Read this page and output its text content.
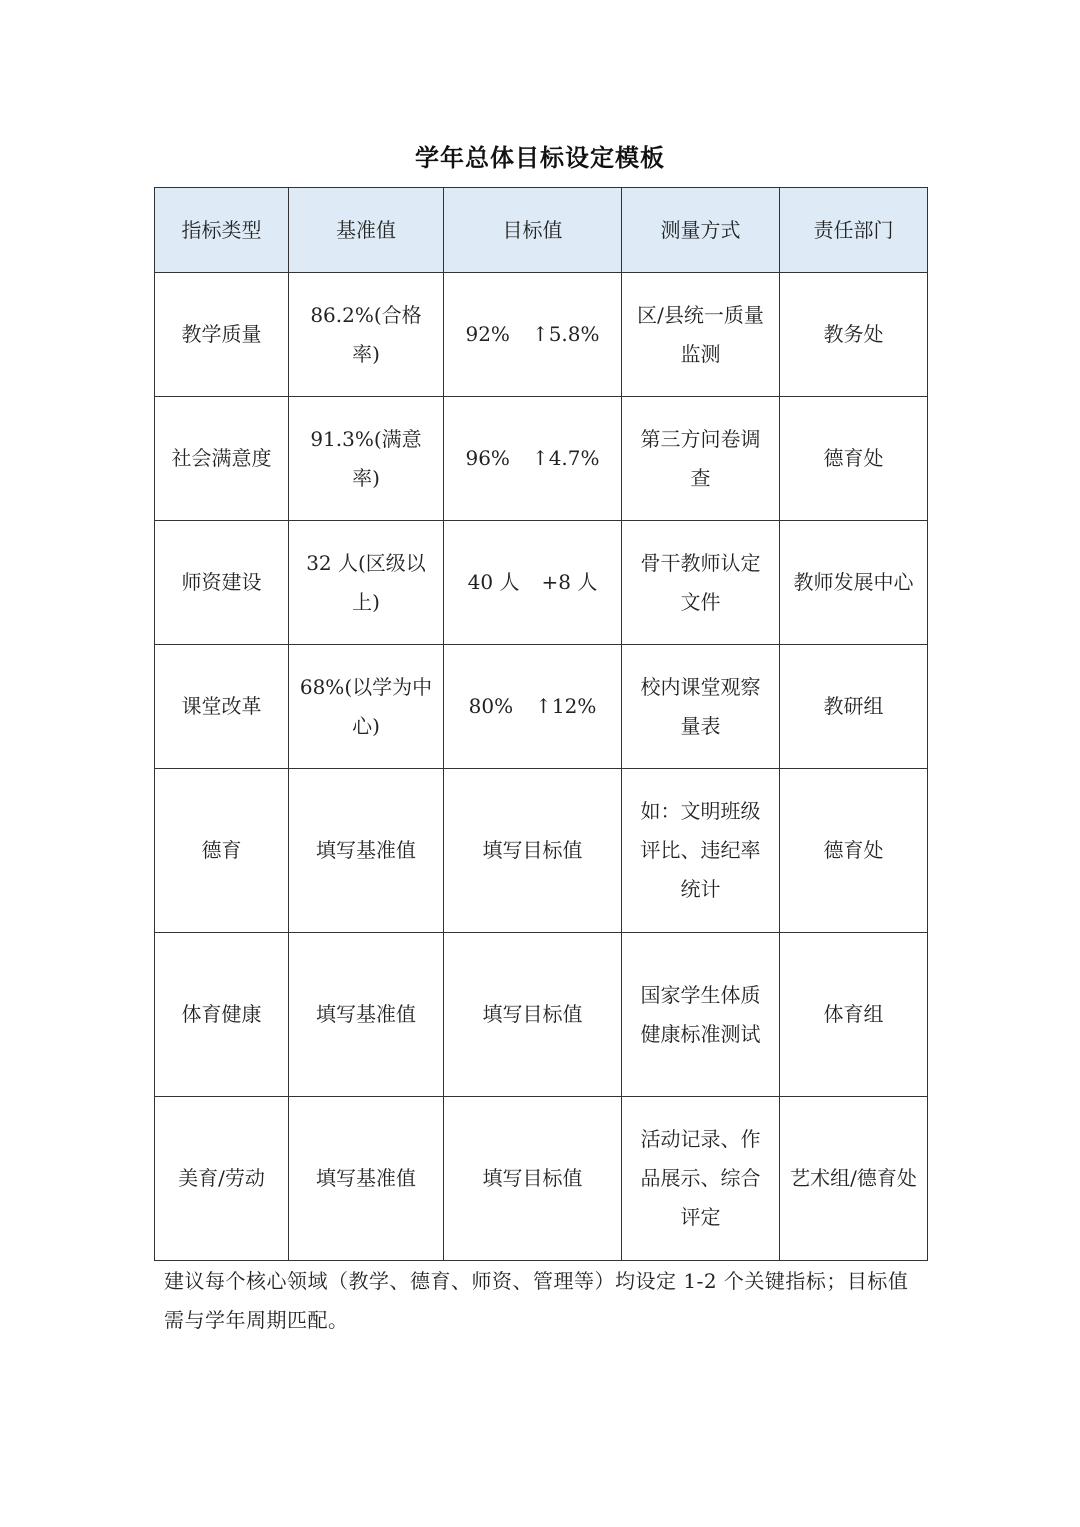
学年总体目标设定模板
指标类型	基准值	目标值	测量方式	责任部门
教学质量	86.2%(合格率)	92% ↑5.8%	区/县统一质量监测	教务处
社会满意度	91.3%(满意率)	96% ↑4.7%	第三方问卷调查	德育处
师资建设	32 人(区级以上)	40 人 +8 人	骨干教师认定文件	教师发展中心
课堂改革	68%(以学为中心)	80% ↑12%	校内课堂观察量表	教研组
德育	填写基准值	填写目标值	如：文明班级评比、违纪率统计	德育处
体育健康	填写基准值	填写目标值	国家学生体质健康标准测试	体育组
美育/劳动	填写基准值	填写目标值	活动记录、作品展示、综合评定	艺术组/德育处
建议每个核心领域（教学、德育、师资、管理等）均设定 1-2 个关键指标；目标值需与学年周期匹配。
